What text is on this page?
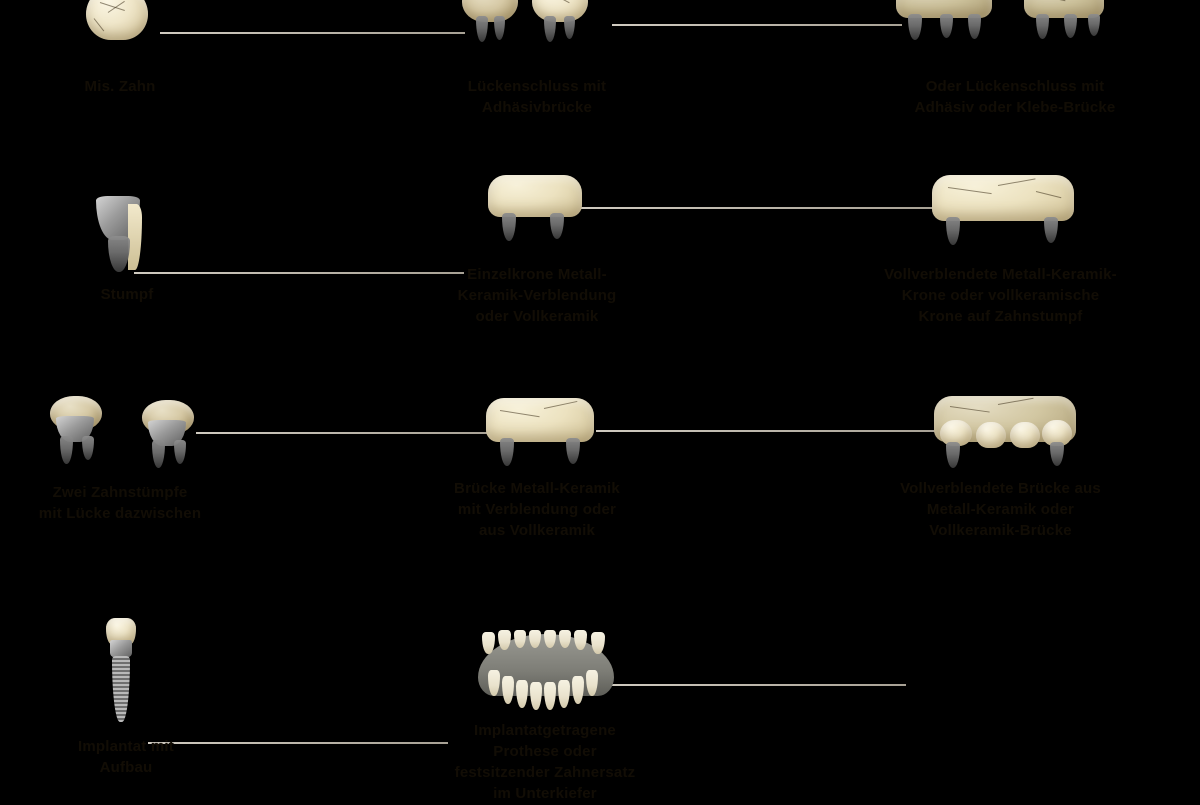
Mis. Zahn	Lückenschluss mit
Adhäsivbrücke
Oder Lückenschluss mit
Adhäsiv oder Klebe-Brücke
Stumpf
Einzelkrone Metall-
Keramik-Verblendung
oder Vollkeramik
Vollverblendete Metall-Keramik-
Krone oder vollkeramische
Krone auf Zahnstumpf
Zwei Zahnstümpfe
mit Lücke dazwischen
Brücke Metall-Keramik
mit Verblendung oder
aus Vollkeramik
Vollverblendete Brücke aus
Metall-Keramik oder
Vollkeramik-Brücke
Implantat mit
Aufbau
Implantatgetragene
Prothese oder
festsitzender Zahnersatz
im Unterkiefer
